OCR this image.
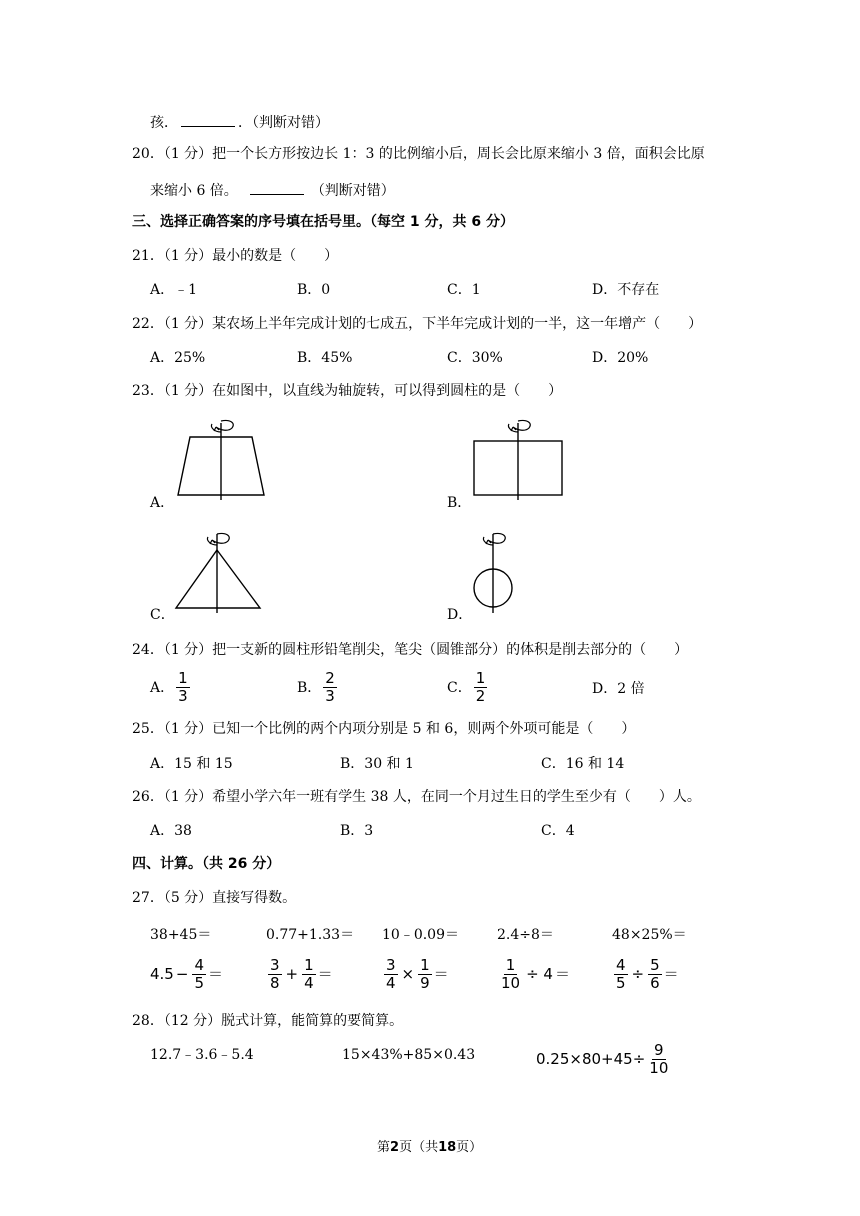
孩．	．（判断对错）
20．（1 分）把一个长方形按边长 1：3 的比例缩小后，周长会比原来缩小 3 倍，面积会比原
来缩小 6 倍。	（判断对错）
三、选择正确答案的序号填在括号里。（每空 1 分，共 6 分）
21．（1 分）最小的数是（　　）
A．﹣1	B．0	C．1	D．不存在
22．（1 分）某农场上半年完成计划的七成五，下半年完成计划的一半，这一年增产（　　）
A．25%	B．45%	C．30%	D．20%
23．（1 分）在如图中，以直线为轴旋转，可以得到圆柱的是（　　）
A．	B．
C．	D．
24．（1 分）把一支新的圆柱形铅笔削尖，笔尖（圆锥部分）的体积是削去部分的（　　）
A． $\frac{1}{3}$	B． $\frac{2}{3}$	C． $\frac{1}{2}$	D．2 倍
25．（1 分）已知一个比例的两个内项分别是 5 和 6，则两个外项可能是（　　）
A．15 和 15	B．30 和 1	C．16 和 14
26．（1 分）希望小学六年一班有学生 38 人，在同一个月过生日的学生至少有（　　）人。
A．38	B．3	C．4
四、计算。（共 26 分）
27．（5 分）直接写得数。
38+45＝	0.77+1.33＝ 10﹣0.09＝	2.4÷8＝	48×25%＝
$4.5 - \frac{4}{5}$ ＝	$\frac{3}{8} + \frac{1}{4}$ ＝	$\frac{3}{4} \times \frac{1}{9}$ ＝	$\frac{1}{10} \div 4$ ＝	$\frac{4}{5} \div \frac{5}{6}$ ＝
28．（12 分）脱式计算，能简算的要简算。
12.7﹣3.6﹣5.4	15×43%+85×0.43	$0.25\times 80+45\div \frac{9}{10}$
第2页（共18页）
